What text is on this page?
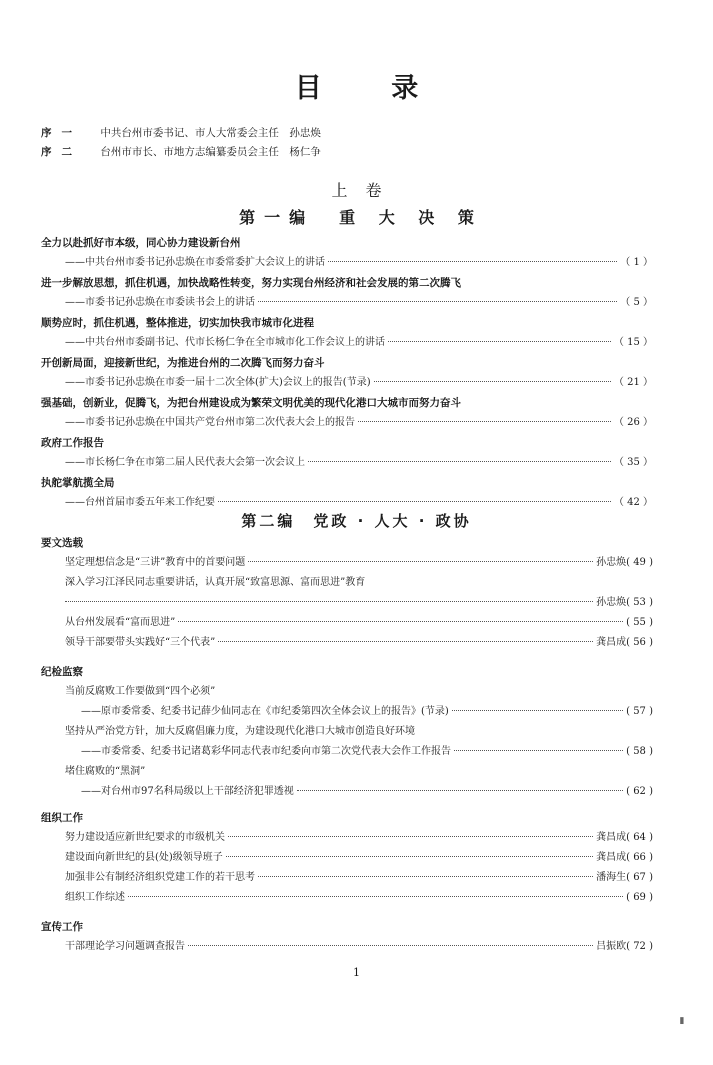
目 录
序一 中共台州市委书记、市人大常委会主任　孙忠焕
序二 台州市市长、市地方志编纂委员会主任　杨仁争
上卷
第一编　重 大 决 策
全力以赴抓好市本级，同心协力建设新台州
——中共台州市委书记孙忠焕在市委常委扩大会议上的讲话	（ 1 ）
进一步解放思想，抓住机遇，加快战略性转变，努力实现台州经济和社会发展的第二次腾飞
——市委书记孙忠焕在市委读书会上的讲话	（ 5 ）
顺势应时，抓住机遇，整体推进，切实加快我市城市化进程
——中共台州市委副书记、代市长杨仁争在全市城市化工作会议上的讲话	（ 15 ）
开创新局面，迎接新世纪，为推进台州的二次腾飞而努力奋斗
——市委书记孙忠焕在市委一届十二次全体(扩大)会议上的报告(节录)	（ 21 ）
强基础，创新业，促腾飞，为把台州建设成为繁荣文明优美的现代化港口大城市而努力奋斗
——市委书记孙忠焕在中国共产党台州市第二次代表大会上的报告	（ 26 ）
政府工作报告
——市长杨仁争在市第二届人民代表大会第一次会议上	（ 35 ）
执舵掌航揽全局
——台州首届市委五年来工作纪要	（ 42 ）
第二编　党政 · 人大 · 政协
要文选载
坚定理想信念是“三讲”教育中的首要问题	孙忠焕 ( 49 )
深入学习江泽民同志重要讲话，认真开展“致富思源、富而思进”教育
孙忠焕 ( 53 )
从台州发展看“富而思进”	( 55 )
领导干部要带头实践好“三个代表”	龚昌成 ( 56 )
纪检监察
当前反腐败工作要做到“四个必须”
——原市委常委、纪委书记薛少仙同志在《市纪委第四次全体会议上的报告》(节录)	( 57 )
坚持从严治党方针，加大反腐倡廉力度，为建设现代化港口大城市创造良好环境
——市委常委、纪委书记诸葛彩华同志代表市纪委向市第二次党代表大会作工作报告	( 58 )
堵住腐败的“黑洞”
——对台州市97名科局级以上干部经济犯罪透视	( 62 )
组织工作
努力建设适应新世纪要求的市级机关	龚昌成 ( 64 )
建设面向新世纪的县(处)级领导班子	龚昌成 ( 66 )
加强非公有制经济组织党建工作的若干思考	潘海生 ( 67 )
组织工作综述	( 69 )
宣传工作
干部理论学习问题调查报告	吕振欧 ( 72 )
1
▮
